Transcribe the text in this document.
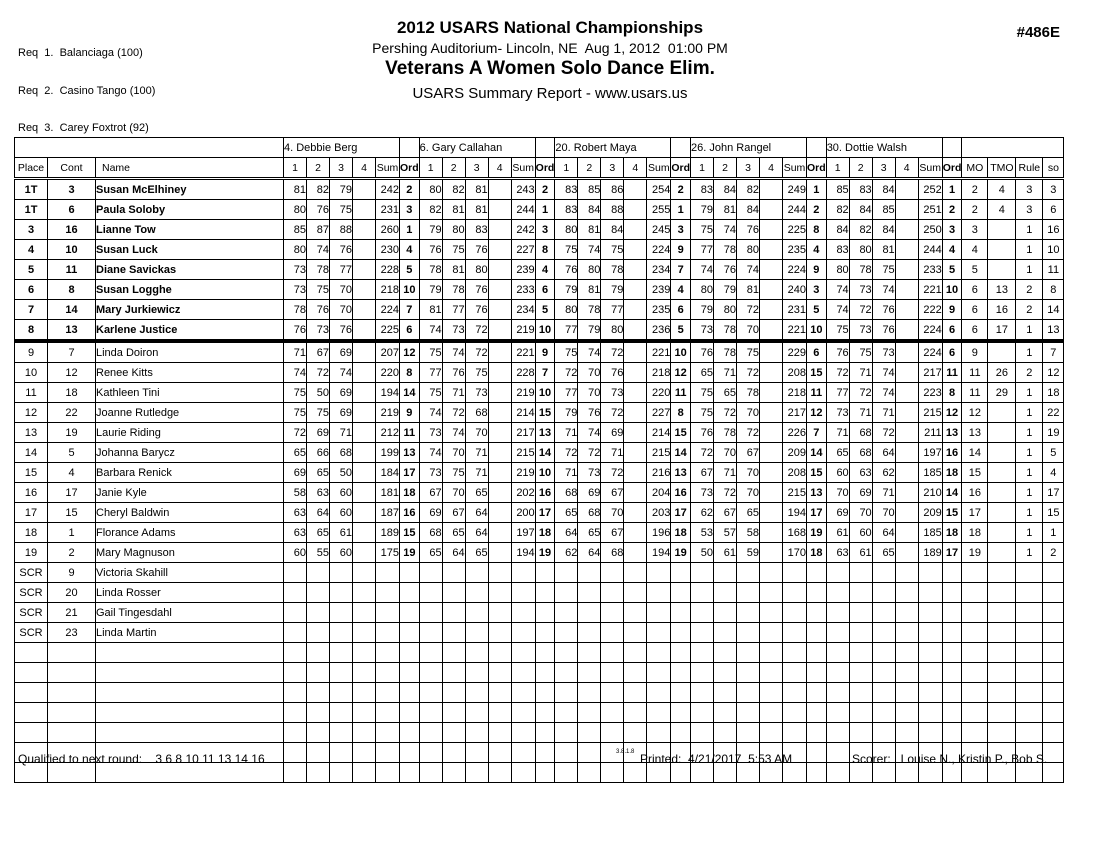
Req  1.  Balanciaga (100)

Req  2.  Casino Tango (100)

Req  3.  Carey Foxtrot (92)

2012 USARS National Championships
Pershing Auditorium- Lincoln, NE  Aug 1, 2012  01:00 PM
Veterans A Women Solo Dance Elim.
USARS Summary Report - www.usars.us
#486E
			4. Debbie Berg						6. Gary Callahan						20. Robert Maya						26. John Rangel						30. Dottie Walsh									
Place	Cont	Name	1	2	3	4	Sum	Ord	1	2	3	4	Sum	Ord	1	2	3	4	Sum	Ord	1	2	3	4	Sum	Ord	1	2	3	4	Sum	Ord	MO	TMO	Rule	so
1T	3	Susan McElhiney	81	82	79		242	2	80	82	81		243	2	83	85	86		254	2	83	84	82		249	1	85	83	84		252	1	2	4	3	3
1T	6	Paula Soloby	80	76	75		231	3	82	81	81		244	1	83	84	88		255	1	79	81	84		244	2	82	84	85		251	2	2	4	3	6
3	16	Lianne Tow	85	87	88		260	1	79	80	83		242	3	80	81	84		245	3	75	74	76		225	8	84	82	84		250	3	3		1	16
4	10	Susan Luck	80	74	76		230	4	76	75	76		227	8	75	74	75		224	9	77	78	80		235	4	83	80	81		244	4	4		1	10
5	11	Diane Savickas	73	78	77		228	5	78	81	80		239	4	76	80	78		234	7	74	76	74		224	9	80	78	75		233	5	5		1	11
6	8	Susan Logghe	73	75	70		218	10	79	78	76		233	6	79	81	79		239	4	80	79	81		240	3	74	73	74		221	10	6	13	2	8
7	14	Mary Jurkiewicz	78	76	70		224	7	81	77	76		234	5	80	78	77		235	6	79	80	72		231	5	74	72	76		222	9	6	16	2	14
8	13	Karlene Justice	76	73	76		225	6	74	73	72		219	10	77	79	80		236	5	73	78	70		221	10	75	73	76		224	6	6	17	1	13
9	7	Linda Doiron	71	67	69		207	12	75	74	72		221	9	75	74	72		221	10	76	78	75		229	6	76	75	73		224	6	9		1	7
10	12	Renee Kitts	74	72	74		220	8	77	76	75		228	7	72	70	76		218	12	65	71	72		208	15	72	71	74		217	11	11	26	2	12
11	18	Kathleen Tini	75	50	69		194	14	75	71	73		219	10	77	70	73		220	11	75	65	78		218	11	77	72	74		223	8	11	29	1	18
12	22	Joanne Rutledge	75	75	69		219	9	74	72	68		214	15	79	76	72		227	8	75	72	70		217	12	73	71	71		215	12	12		1	22
13	19	Laurie Riding	72	69	71		212	11	73	74	70		217	13	71	74	69		214	15	76	78	72		226	7	71	68	72		211	13	13		1	19
14	5	Johanna Barycz	65	66	68		199	13	74	70	71		215	14	72	72	71		215	14	72	70	67		209	14	65	68	64		197	16	14		1	5
15	4	Barbara Renick	69	65	50		184	17	73	75	71		219	10	71	73	72		216	13	67	71	70		208	15	60	63	62		185	18	15		1	4
16	17	Janie Kyle	58	63	60		181	18	67	70	65		202	16	68	69	67		204	16	73	72	70		215	13	70	69	71		210	14	16		1	17
17	15	Cheryl Baldwin	63	64	60		187	16	69	67	64		200	17	65	68	70		203	17	62	67	65		194	17	69	70	70		209	15	17		1	15
18	1	Florance Adams	63	65	61		189	15	68	65	64		197	18	64	65	67		196	18	53	57	58		168	19	61	60	64		185	18	18		1	1
19	2	Mary Magnuson	60	55	60		175	19	65	64	65		194	19	62	64	68		194	19	50	61	59		170	18	63	61	65		189	17	19		1	2
SCR	9	Victoria Skahill																																		
SCR	20	Linda Rosser																																		
SCR	21	Gail Tingesdahl																																		
SCR	23	Linda Martin																																		

Qualified to next round:    3 6 8 10 11 13 14 16	3.8.1.8 Printed:  4/21/2017  5:53 AM	Scorer:   Louise N., Kristin P., Bob S.
